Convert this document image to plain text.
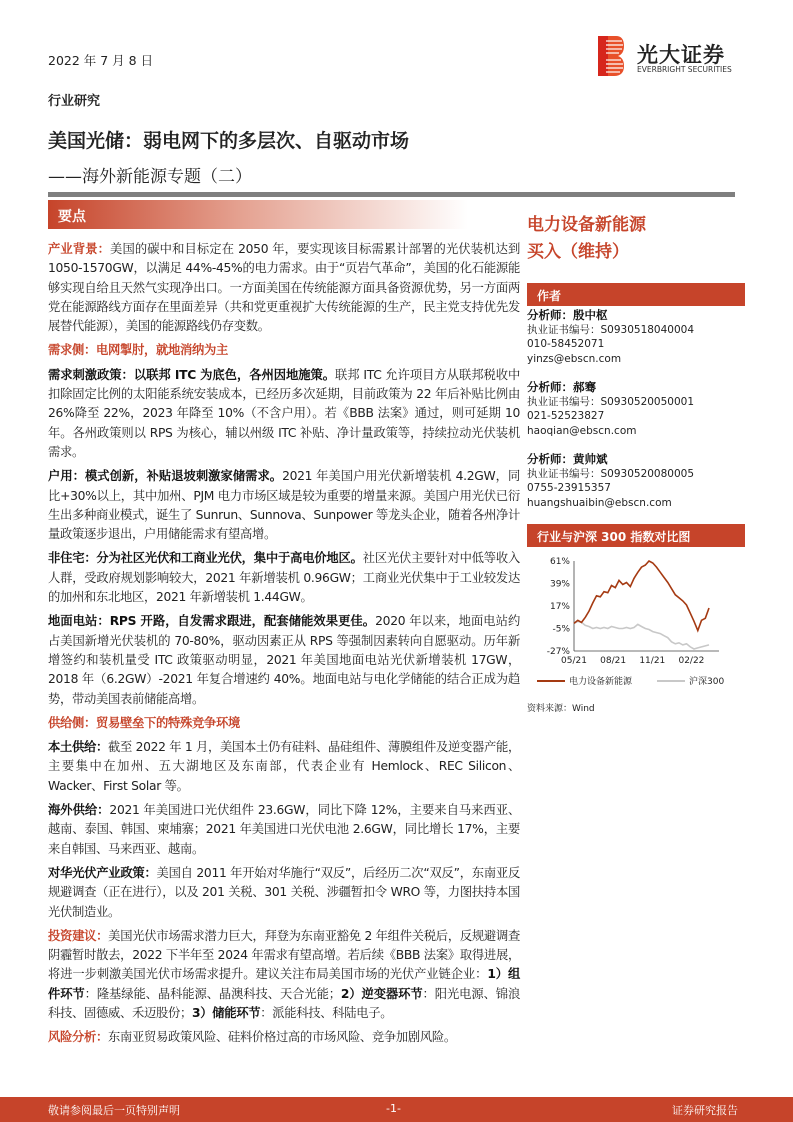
2022 年 7 月 8 日
行业研究
美国光储：弱电网下的多层次、自驱动市场
——海外新能源专题（二）
光大证券
EVERBRIGHT SECURITIES
要点

产业背景：美国的碳中和目标定在 2050 年，要实现该目标需累计部署的光伏装机达到 1050-1570GW，以满足 44%-45%的电力需求。由于“页岩气革命”，美国的化石能源能够实现自给且天然气实现净出口。一方面美国在传统能源方面具备资源优势，另一方面两党在能源路线方面存在里面差异（共和党更重视扩大传统能源的生产，民主党支持优先发展替代能源），美国的能源路线仍存变数。

需求侧：电网掣肘，就地消纳为主

需求刺激政策：以联邦 ITC 为底色，各州因地施策。联邦 ITC 允许项目方从联邦税收中扣除固定比例的太阳能系统安装成本，已经历多次延期，目前政策为 22 年后补贴比例由 26%降至 22%，2023 年降至 10%（不含户用）。若《BBB 法案》通过，则可延期 10 年。各州政策则以 RPS 为核心，辅以州级 ITC 补贴、净计量政策等，持续拉动光伏装机需求。

户用：模式创新，补贴退坡刺激家储需求。2021 年美国户用光伏新增装机 4.2GW，同比+30%以上，其中加州、PJM 电力市场区域是较为重要的增量来源。美国户用光伏已衍生出多种商业模式，诞生了 Sunrun、Sunnova、Sunpower 等龙头企业，随着各州净计量政策逐步退出，户用储能需求有望高增。

非住宅：分为社区光伏和工商业光伏，集中于高电价地区。社区光伏主要针对中低等收入人群，受政府规划影响较大，2021 年新增装机 0.96GW；工商业光伏集中于工业较发达的加州和东北地区，2021 年新增装机 1.44GW。

地面电站：RPS 开路，自发需求跟进，配套储能效果更佳。2020 年以来，地面电站约占美国新增光伏装机的 70-80%，驱动因素正从 RPS 等强制因素转向自愿驱动。历年新增签约和装机量受 ITC 政策驱动明显，2021 年美国地面电站光伏新增装机 17GW，2018 年（6.2GW）-2021 年复合增速约 40%。地面电站与电化学储能的结合正成为趋势，带动美国表前储能高增。

供给侧：贸易壁垒下的特殊竞争环境

本土供给：截至 2022 年 1 月，美国本土仍有硅料、晶硅组件、薄膜组件及逆变器产能，主要集中在加州、五大湖地区及东南部，代表企业有 Hemlock、REC Silicon、Wacker、First Solar 等。

海外供给：2021 年美国进口光伏组件 23.6GW，同比下降 12%，主要来自马来西亚、越南、泰国、韩国、柬埔寨；2021 年美国进口光伏电池 2.6GW，同比增长 17%，主要来自韩国、马来西亚、越南。

对华光伏产业政策：美国自 2011 年开始对华施行“双反”，后经历二次“双反”，东南亚反规避调查（正在进行），以及 201 关税、301 关税、涉疆暂扣令 WRO 等，力图扶持本国光伏制造业。

投资建议：美国光伏市场需求潜力巨大，拜登为东南亚豁免 2 年组件关税后，反规避调查阴霾暂时散去，2022 下半年至 2024 年需求有望高增。若后续《BBB 法案》取得进展，将进一步刺激美国光伏市场需求提升。建议关注布局美国市场的光伏产业链企业：1）组件环节：隆基绿能、晶科能源、晶澳科技、天合光能；2）逆变器环节：阳光电源、锦浪科技、固德威、禾迈股份；3）储能环节：派能科技、科陆电子。

风险分析：东南亚贸易政策风险、硅料价格过高的市场风险、竞争加剧风险。

电力设备新能源
买入（维持）
作者
分析师：殷中枢
执业证书编号：S0930518040004
010-58452071
yinzs@ebscn.com
分析师：郝骞
执业证书编号：S0930520050001
021-52523827
haoqian@ebscn.com
分析师：黄帅斌
执业证书编号：S0930520080005
0755-23915357
huangshuaibin@ebscn.com
行业与沪深 300 指数对比图
61%
39%
17%
-5%
-27%
05/21 08/21 11/21 02/22
电力设备新能源	沪深300
资料来源：Wind
敬请参阅最后一页特别声明	-1-	证券研究报告
